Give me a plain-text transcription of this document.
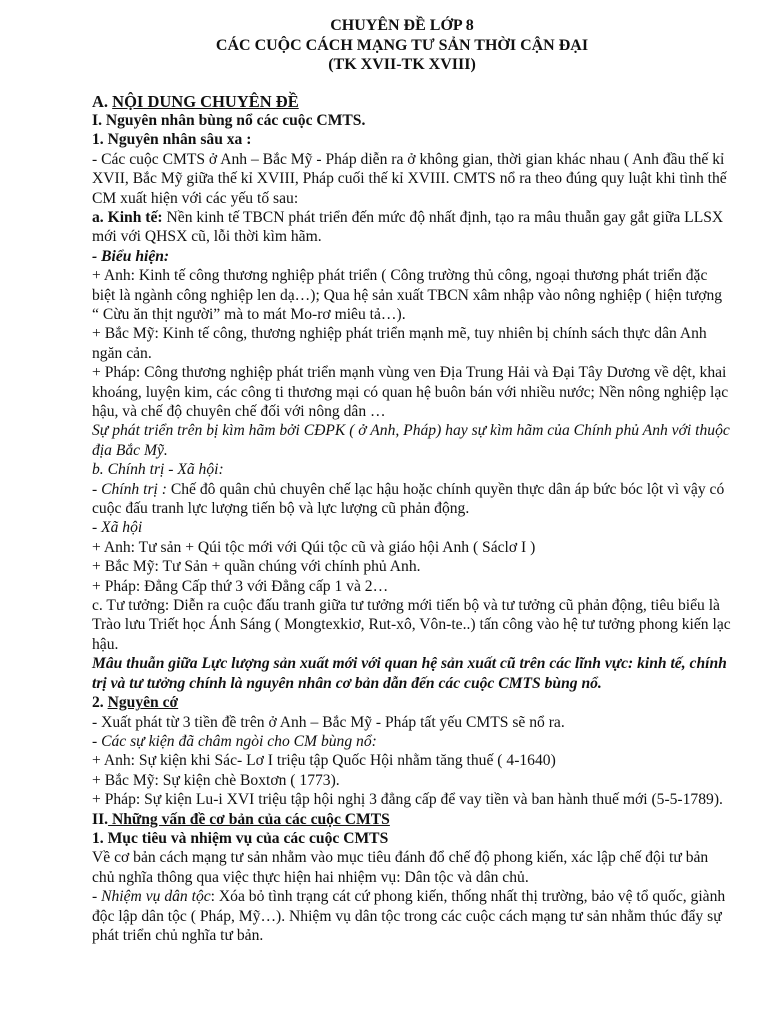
CHUYÊN ĐỀ LỚP 8
CÁC CUỘC CÁCH MẠNG TƯ SẢN THỜI CẬN ĐẠI
(TK XVII-TK XVIII)

A. NỘI DUNG CHUYÊN ĐỀ

I. Nguyên nhân bùng nổ các cuộc CMTS.

1. Nguyên nhân sâu xa :

- Các cuộc CMTS ở Anh – Bắc Mỹ - Pháp diễn ra ở không gian, thời gian khác nhau ( Anh đầu thế kỉ XVII, Bắc Mỹ giữa thế kỉ XVIII, Pháp cuối thế kỉ XVIII. CMTS nổ ra theo đúng quy luật khi tình thế CM xuất hiện với các yếu tố sau:

a. Kinh tế: Nền kinh tế TBCN phát triển đến mức độ nhất định, tạo ra mâu thuẫn gay gắt giữa LLSX mới với QHSX cũ, lỗi thời kìm hãm.

- Biểu hiện:

+ Anh: Kinh tế công thương nghiệp phát triển ( Công trường thủ công, ngoại thương phát triển đặc biệt là ngành công nghiệp len dạ…); Qua hệ sản xuất TBCN xâm nhập vào nông nghiệp ( hiện tượng “ Cừu ăn thịt người” mà to mát Mo-rơ miêu tả…).

+ Bắc Mỹ: Kinh tế công, thương nghiệp phát triển mạnh mẽ, tuy nhiên bị chính sách thực dân Anh ngăn cản.

+ Pháp: Công thương nghiệp phát triển mạnh vùng ven Địa Trung Hải và Đại Tây Dương về dệt, khai khoáng, luyện kim, các công ti thương mại có quan hệ buôn bán với nhiều nước; Nền nông nghiệp lạc hậu, và chế độ chuyên chế đối với nông dân …

Sự phát triển trên bị kìm hãm bởi CĐPK ( ở Anh, Pháp) hay sự kìm hãm của Chính phủ Anh với thuộc địa Bắc Mỹ.

b. Chính trị - Xã hội:

- Chính trị : Chế đô quân chủ chuyên chế lạc hậu hoặc chính quyền thực dân áp bức bóc lột vì vậy có cuộc đấu tranh lực lượng tiến bộ và lực lượng cũ phản động.

- Xã hội

+ Anh: Tư sản + Qúi tộc mới với Qúi tộc cũ và giáo hội Anh ( Sáclơ I )

+ Bắc Mỹ: Tư Sản + quần chúng với chính phủ Anh.

+ Pháp: Đẳng Cấp thứ 3 với Đẳng cấp 1 và 2…

c. Tư tưởng: Diễn ra cuộc đấu tranh giữa tư tưởng mới tiến bộ và tư tưởng cũ phản động, tiêu biểu là Trào lưu Triết học Ánh Sáng ( Mongtexkiơ, Rut-xô, Vôn-te..) tấn công vào hệ tư tưởng phong kiến lạc hậu.

Mâu thuẫn giữa Lực lượng sản xuất mới với quan hệ sản xuất cũ trên các lĩnh vực: kinh tế, chính trị và tư tưởng chính là nguyên nhân cơ bản dẫn đến các cuộc CMTS bùng nổ.

2. Nguyên cớ

- Xuất phát từ 3 tiền đề trên ở Anh – Bắc Mỹ - Pháp tất yếu CMTS sẽ nổ ra.

- Các sự kiện đã châm ngòi cho CM bùng nổ:

+ Anh: Sự kiện khi Sác- Lơ I triệu tập Quốc Hội nhằm tăng thuế ( 4-1640)

+ Bắc Mỹ: Sự kiện chè Boxtơn ( 1773).

+ Pháp: Sự kiện Lu-i XVI triệu tập hội nghị 3 đẳng cấp để vay tiền và ban hành thuế mới (5-5-1789).

II. Những vấn đề cơ bản của các cuộc CMTS

1. Mục tiêu và nhiệm vụ của các cuộc CMTS

Về cơ bản cách mạng tư sản nhằm vào mục tiêu đánh đổ chế độ phong kiến, xác lập chế đội tư bản chủ nghĩa thông qua việc thực hiện hai nhiệm vụ: Dân tộc và dân chủ.

- Nhiệm vụ dân tộc: Xóa bỏ tình trạng cát cứ phong kiến, thống nhất thị trường, bảo vệ tổ quốc, giành độc lập dân tộc ( Pháp, Mỹ…). Nhiệm vụ dân tộc trong các cuộc cách mạng tư sản nhằm thúc đẩy sự phát triển chủ nghĩa tư bản.
